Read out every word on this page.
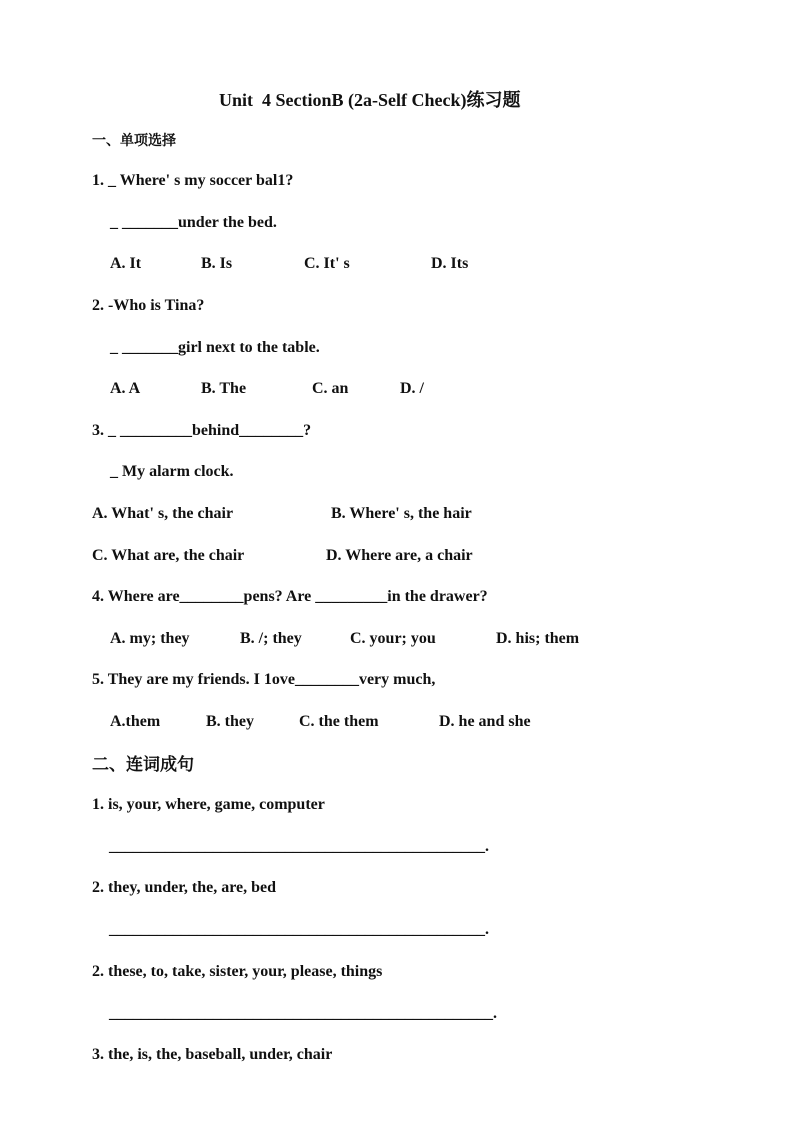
Unit  4 SectionB (2a-Self Check)练习题
一、单项选择
1. _ Where' s my soccer bal1?
_ _______under the bed.
A. It	B. Is	C. It' s	D. Its
2. -Who is Tina?
_ _______girl next to the table.
A. A	B. The	C. an	D. /
3. _ _________behind________?
_ My alarm clock.
A. What' s, the chair	B. Where' s, the hair
C. What are, the chair	D. Where are, a chair
4. Where are________pens? Are _________in the drawer?
A. my; they	B. /; they	C. your; you	D. his; them
5. They are my friends. I 1ove________very much,
A.them	B. they	C. the them	D. he and she
二、连词成句
1. is, your, where, game, computer
_______________________________________________.
2. they, under, the, are, bed
_______________________________________________.
2. these, to, take, sister, your, please, things
________________________________________________.
3. the, is, the, baseball, under, chair
